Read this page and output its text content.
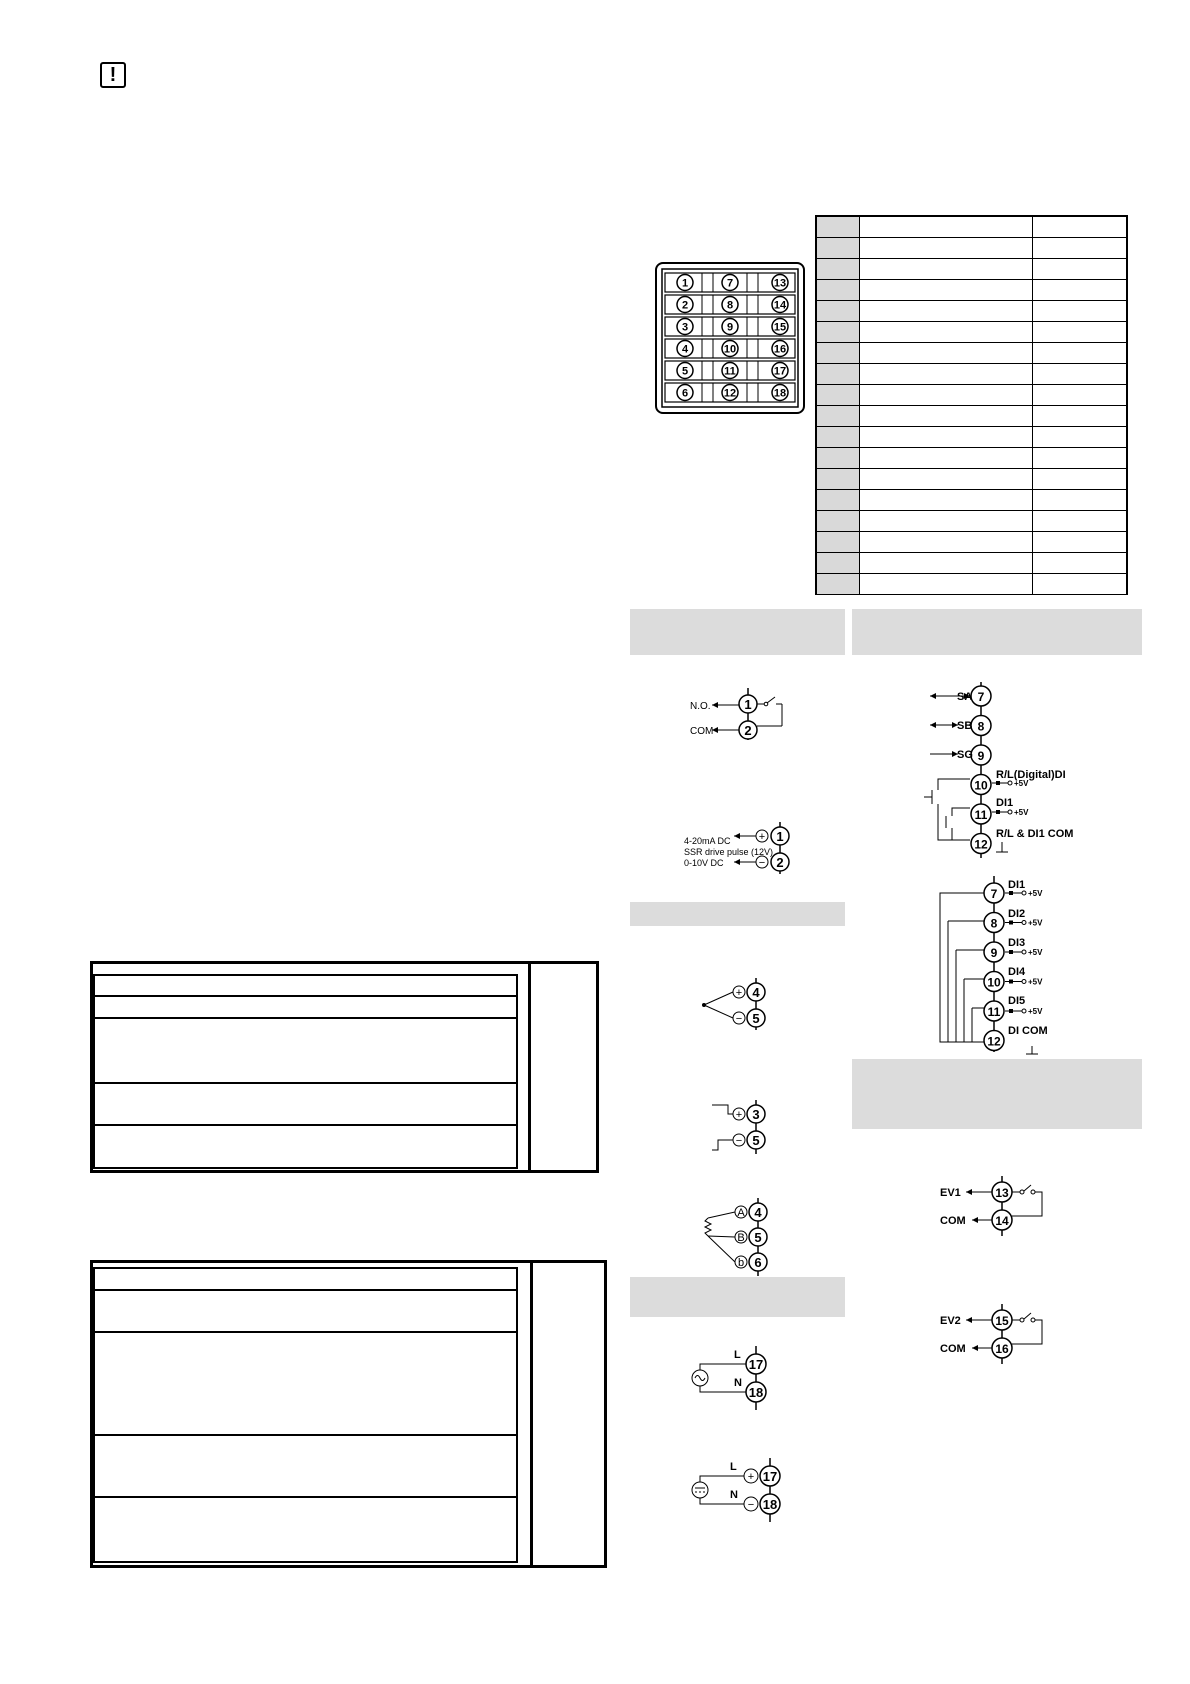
!
1	7	13
2	8	14
3	9	15
4	10	16
5	11	17
6	12	18

1
2
N.O.
COM
1
2
+
−
4-20mA DC
SSR drive pulse (12V)
0-10V DC
4
5
+
−
3
5
+
−
4
5
6
A
B
b
17
18
L
N
17
18
+
−
L
N
7
8
9
10
11
12
SA
SB
SG
R/L(Digital)DI
DI1
R/L & DI1 COM
+5V
+5V
7
8
9
10
11
12
DI1
DI2
DI3
DI4
DI5
DI COM
+5V
+5V
+5V
+5V
+5V
13
14
EV1
COM
15
16
EV2
COM
